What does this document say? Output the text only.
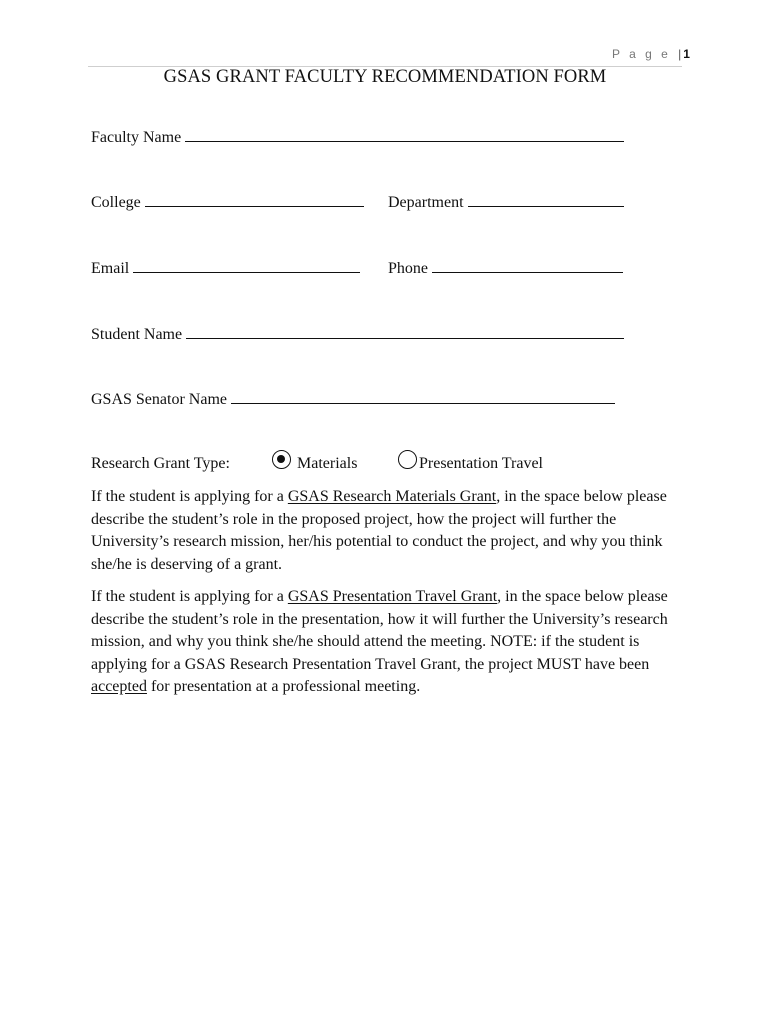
P a g e | 1
GSAS GRANT FACULTY RECOMMENDATION FORM
Faculty Name
College	Department
Email	Phone
Student Name
GSAS Senator Name
Research Grant Type:	Materials	Presentation Travel
If the student is applying for a GSAS Research Materials Grant, in the space below please describe the student’s role in the proposed project, how the project will further the University’s research mission, her/his potential to conduct the project, and why you think she/he is deserving of a grant.
If the student is applying for a GSAS Presentation Travel Grant, in the space below please describe the student’s role in the presentation, how it will further the University’s research mission, and why you think she/he should attend the meeting. NOTE: if the student is applying for a GSAS Research Presentation Travel Grant, the project MUST have been accepted for presentation at a professional meeting.
